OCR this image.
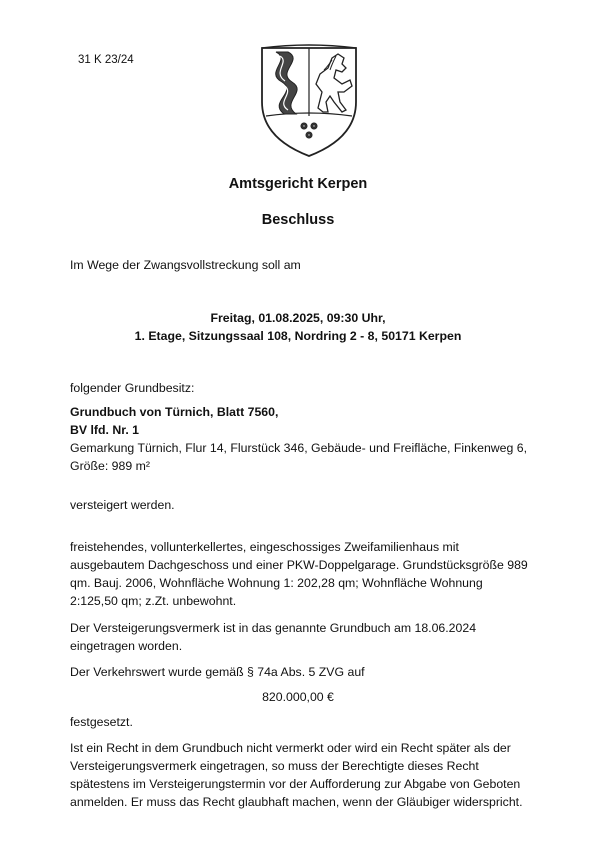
31 K 23/24

Amtsgericht Kerpen

Beschluss

Im Wege der Zwangsvollstreckung soll am

Freitag, 01.08.2025, 09:30 Uhr,

1. Etage, Sitzungssaal 108, Nordring 2 - 8, 50171 Kerpen

folgender Grundbesitz:

Grundbuch von Türnich, Blatt 7560,

BV lfd. Nr. 1

Gemarkung Türnich, Flur 14, Flurstück 346, Gebäude- und Freifläche, Finkenweg 6,

Größe: 989 m²

versteigert werden.

freistehendes, vollunterkellertes, eingeschossiges Zweifamilienhaus mit

ausgebautem Dachgeschoss und einer PKW-Doppelgarage. Grundstücksgröße 989

qm. Bauj. 2006, Wohnfläche Wohnung 1: 202,28 qm; Wohnfläche Wohnung

2:125,50 qm; z.Zt. unbewohnt.

Der Versteigerungsvermerk ist in das genannte Grundbuch am 18.06.2024

eingetragen worden.

Der Verkehrswert wurde gemäß § 74a Abs. 5 ZVG auf

820.000,00 €

festgesetzt.

Ist ein Recht in dem Grundbuch nicht vermerkt oder wird ein Recht später als der

Versteigerungsvermerk eingetragen, so muss der Berechtigte dieses Recht

spätestens im Versteigerungstermin vor der Aufforderung zur Abgabe von Geboten

anmelden. Er muss das Recht glaubhaft machen, wenn der Gläubiger widerspricht.
